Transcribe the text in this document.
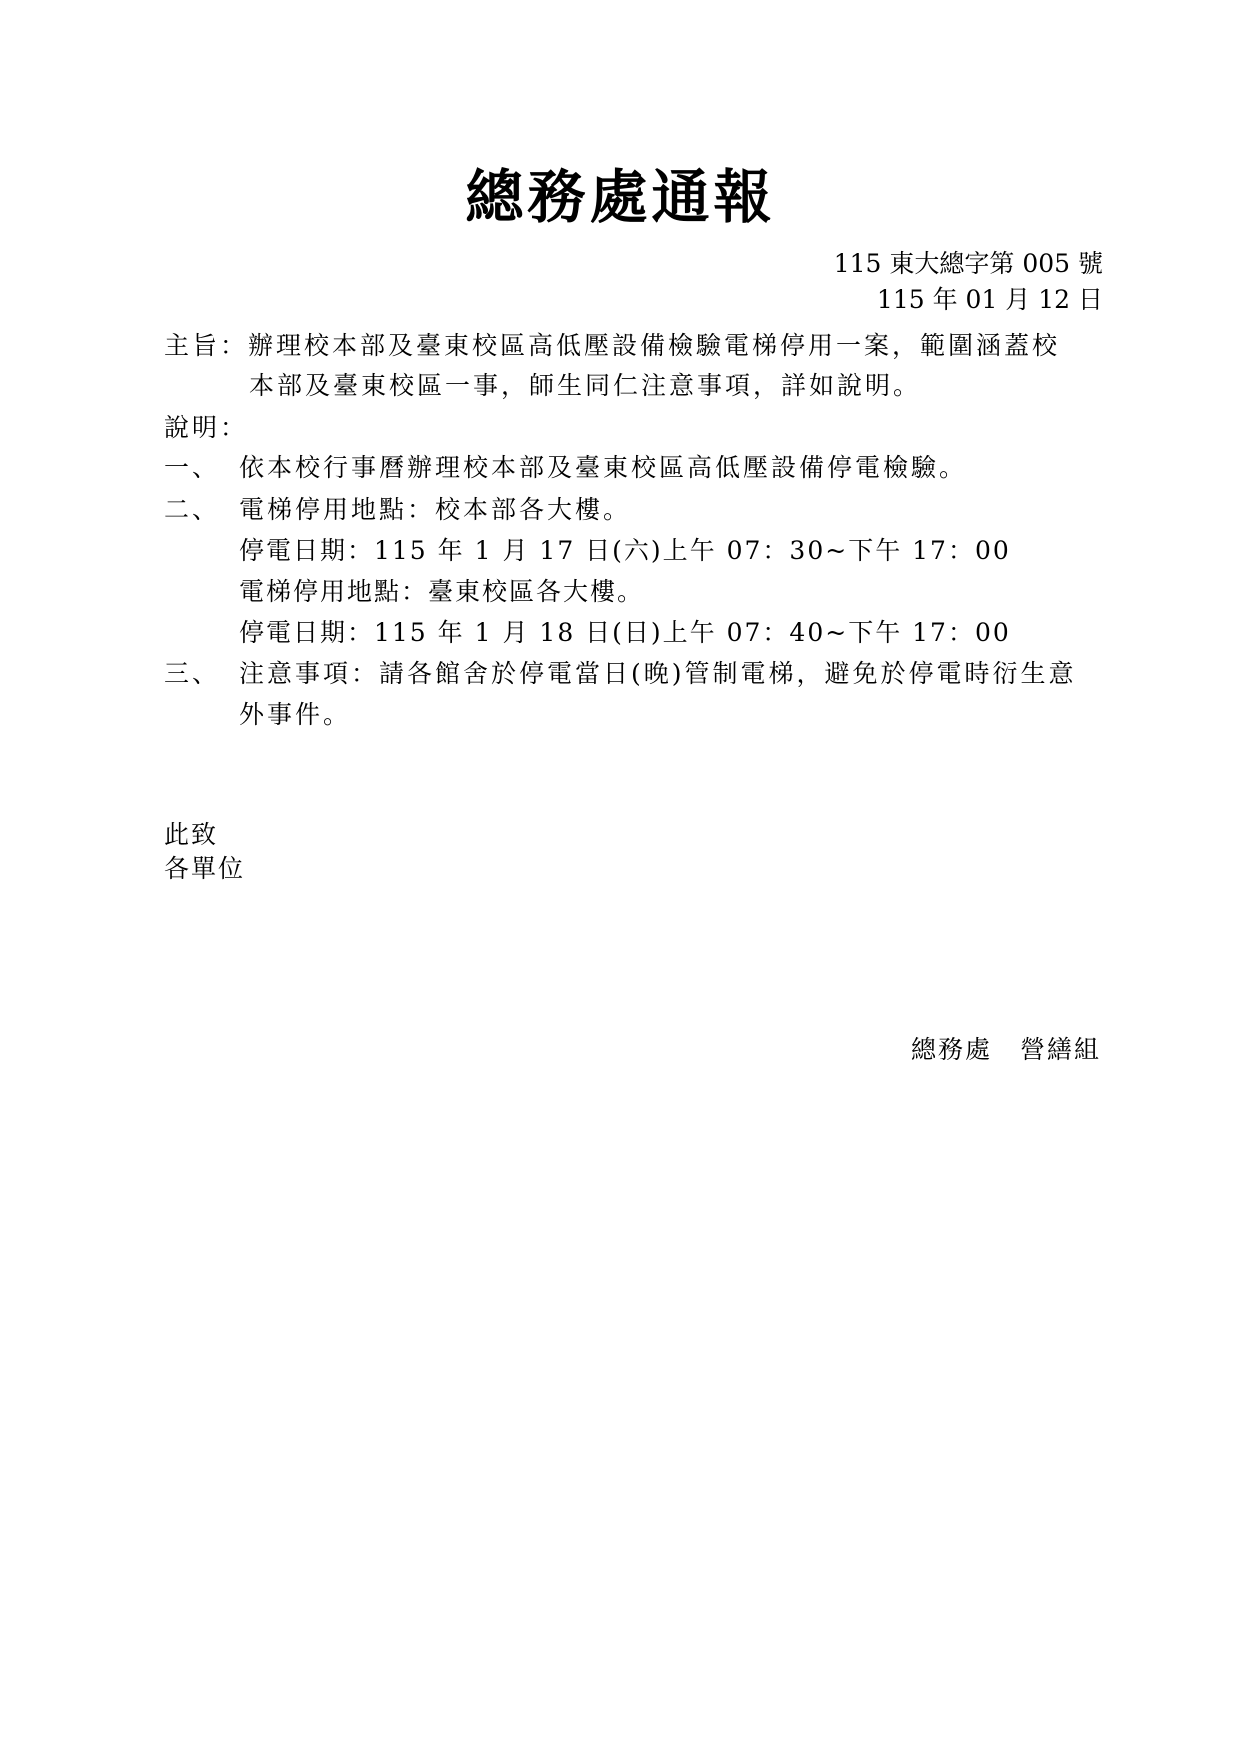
總務處通報
115 東大總字第 005 號
115 年 01 月 12 日
主旨：辦理校本部及臺東校區高低壓設備檢驗電梯停用一案，範圍涵蓋校
本部及臺東校區一事，師生同仁注意事項，詳如說明。
說明：
一、 依本校行事曆辦理校本部及臺東校區高低壓設備停電檢驗。
二、 電梯停用地點：校本部各大樓。
停電日期：115 年 1 月 17 日(六)上午 07：30~下午 17：00
電梯停用地點：臺東校區各大樓。
停電日期：115 年 1 月 18 日(日)上午 07：40~下午 17：00
三、 注意事項：請各館舍於停電當日(晚)管制電梯，避免於停電時衍生意
外事件。
此致
各單位
總務處 營繕組
